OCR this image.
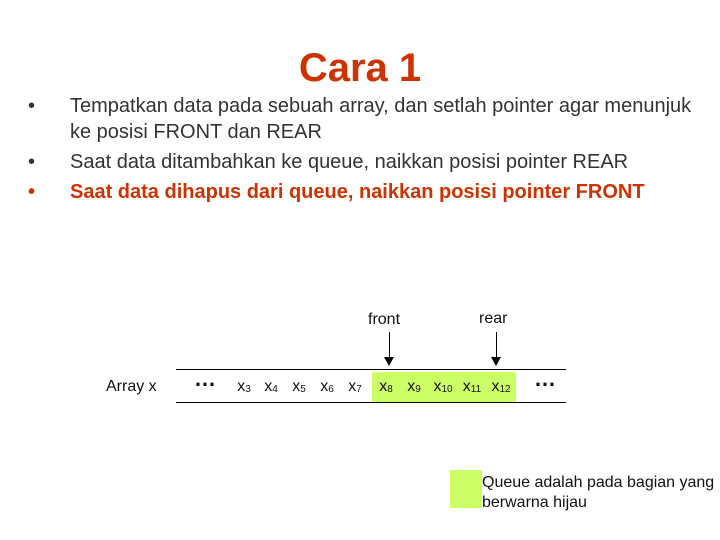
Cara 1
• Tempatkan data pada sebuah array, dan setlah pointer agar menunjuk ke posisi FRONT dan REAR
• Saat data ditambahkan ke queue, naikkan posisi pointer REAR
• Saat data dihapus dari queue, naikkan posisi pointer FRONT
front	rear
Array x …	…
$x_3$ $x_4$ $x_5$ $x_6$ $x_7$	$x_8$ $x_9$ $x_{10}$ $x_{11}$ $x_{12}$
Queue adalah pada bagian yang berwarna hijau
